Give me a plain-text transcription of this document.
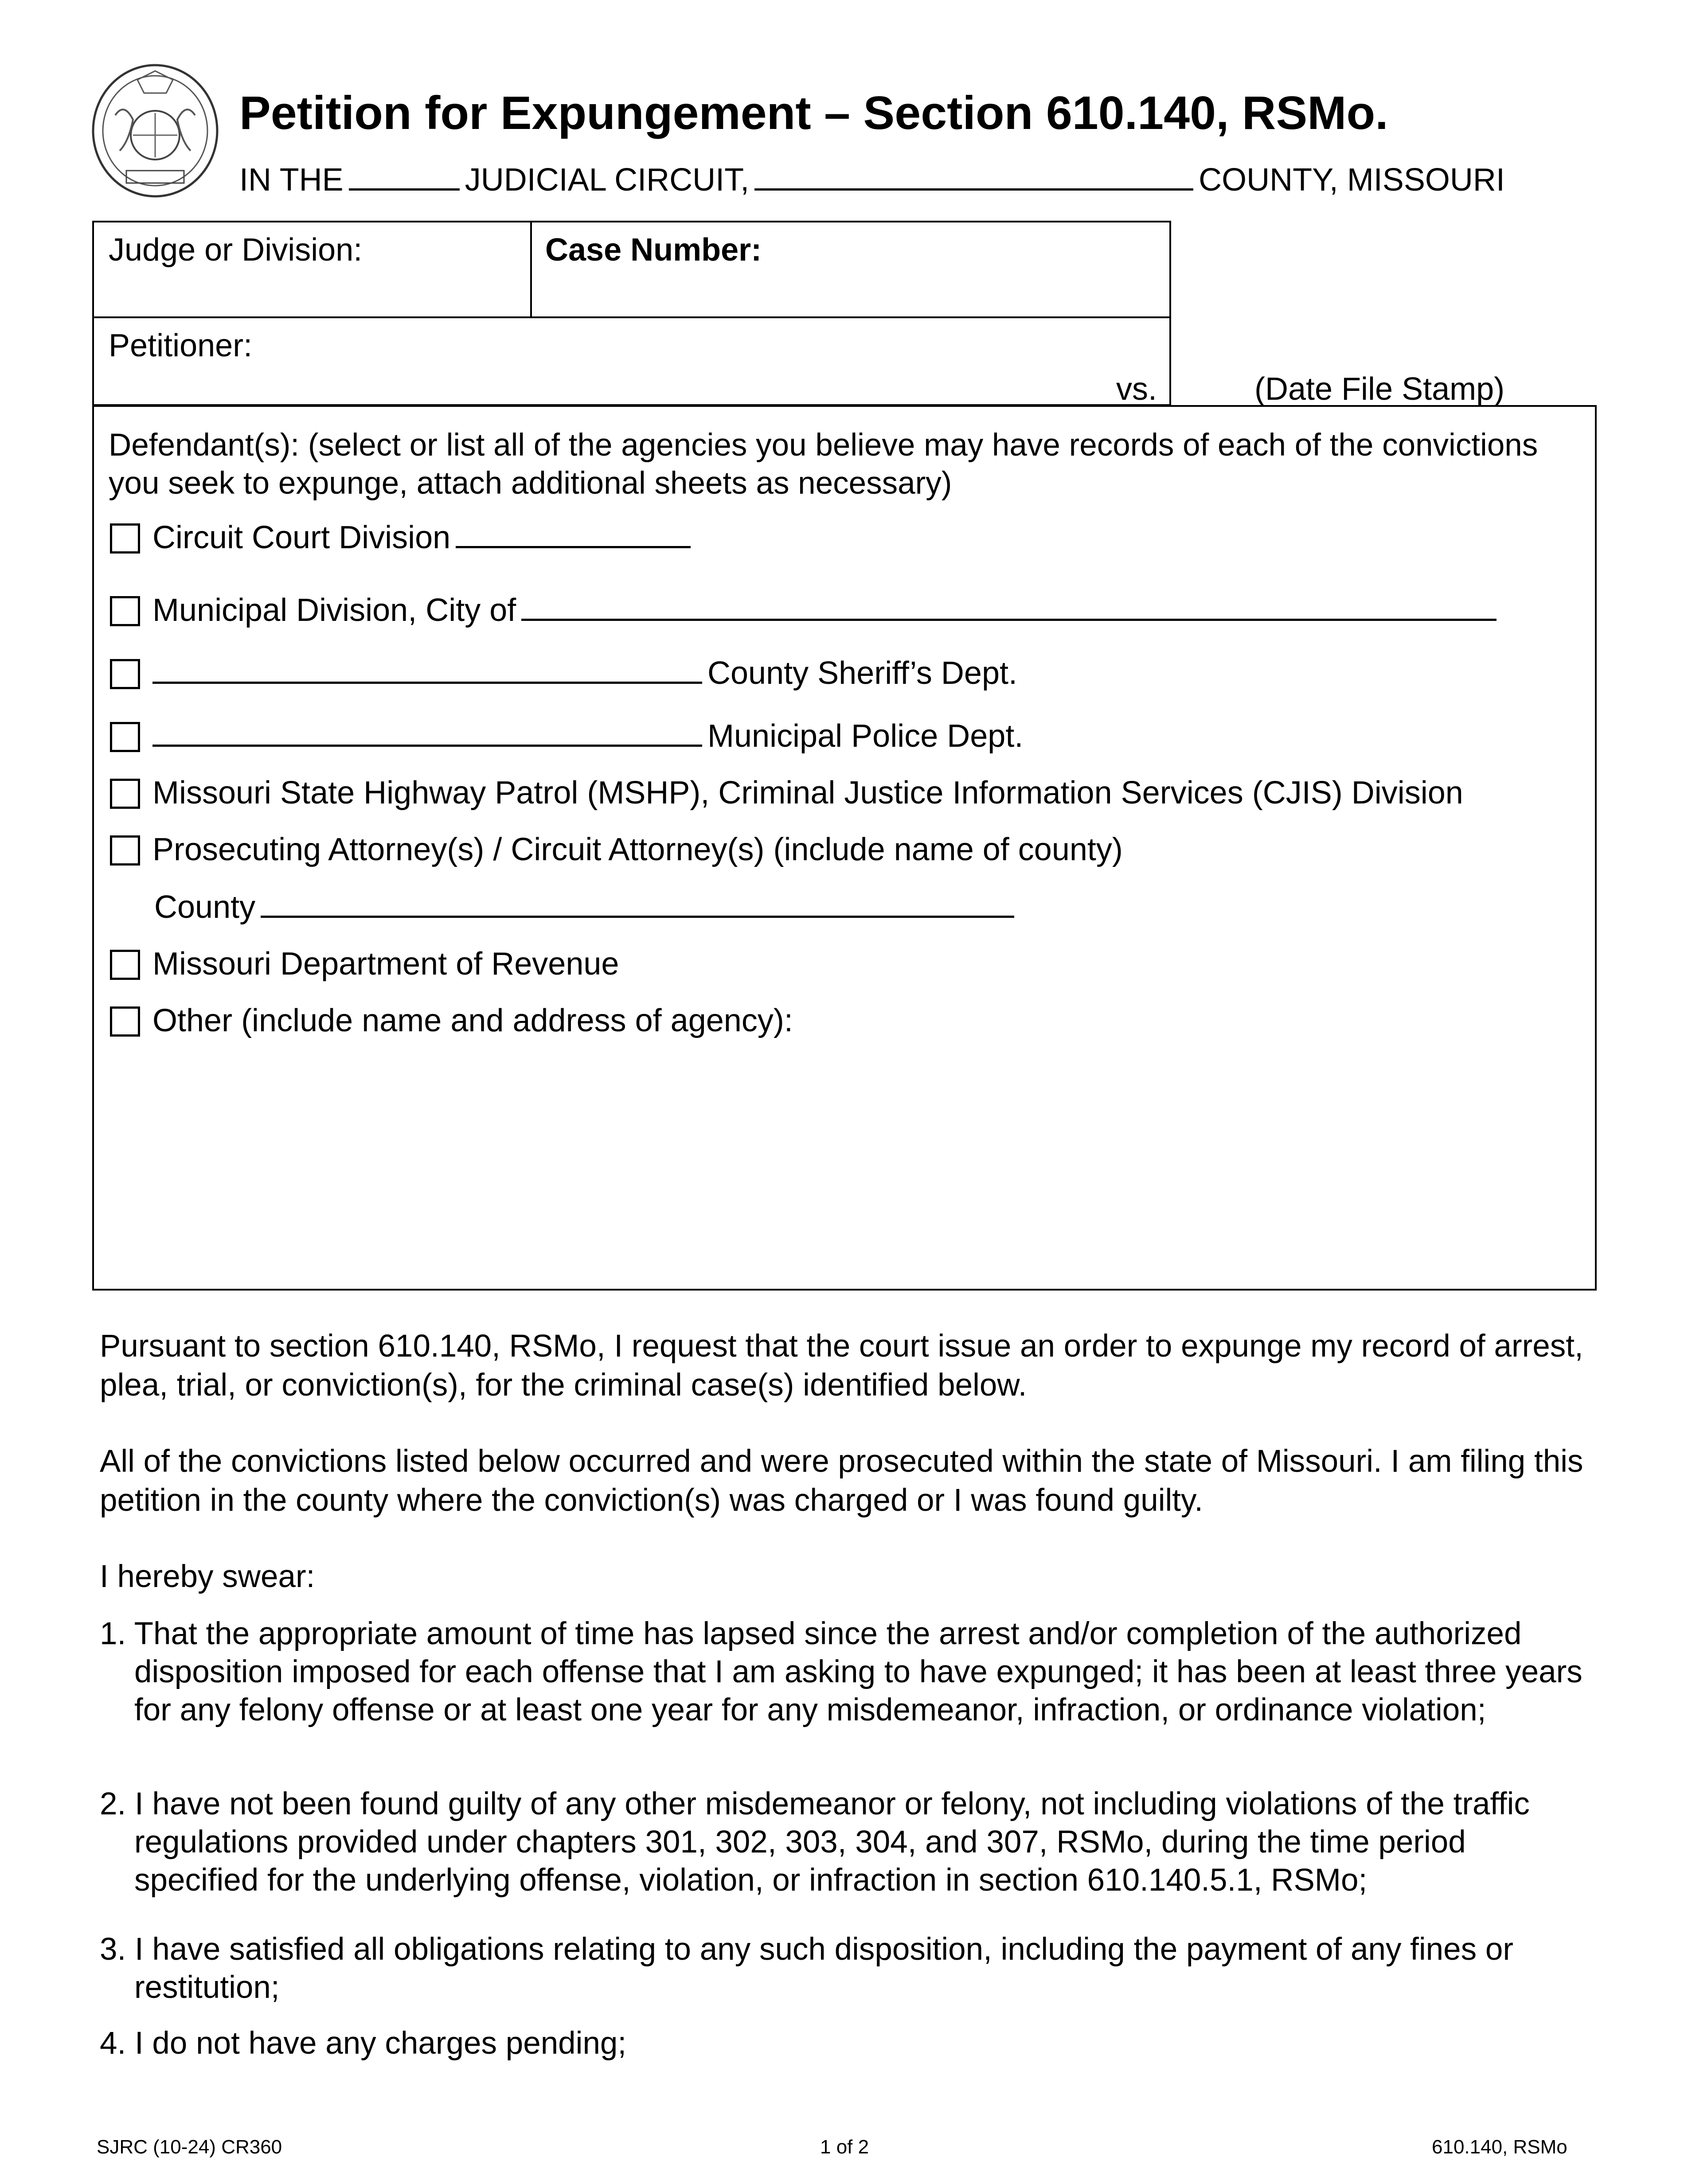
Petition for Expungement – Section 610.140, RSMo.
IN THE	JUDICIAL CIRCUIT,	COUNTY, MISSOURI
Judge or Division:	Case Number:
Petitioner:
vs.	(Date File Stamp)
Defendant(s): (select or list all of the agencies you believe may have records of each of the convictions you seek to expunge, attach additional sheets as necessary)
Circuit Court Division
Municipal Division, City of
County Sheriff’s Dept.
Municipal Police Dept.
Missouri State Highway Patrol (MSHP), Criminal Justice Information Services (CJIS) Division
Prosecuting Attorney(s) / Circuit Attorney(s) (include name of county)
County
Missouri Department of Revenue
Other (include name and address of agency):
Pursuant to section 610.140, RSMo, I request that the court issue an order to expunge my record of arrest, plea, trial, or conviction(s), for the criminal case(s) identified below.
All of the convictions listed below occurred and were prosecuted within the state of Missouri. I am filing this petition in the county where the conviction(s) was charged or I was found guilty.
I hereby swear:
1. That the appropriate amount of time has lapsed since the arrest and/or completion of the authorized disposition imposed for each offense that I am asking to have expunged; it has been at least three years for any felony offense or at least one year for any misdemeanor, infraction, or ordinance violation;
2. I have not been found guilty of any other misdemeanor or felony, not including violations of the traffic regulations provided under chapters 301, 302, 303, 304, and 307, RSMo, during the time period specified for the underlying offense, violation, or infraction in section 610.140.5.1, RSMo;
3. I have satisfied all obligations relating to any such disposition, including the payment of any fines or restitution;
4. I do not have any charges pending;
SJRC (10-24) CR360	1 of 2	610.140, RSMo
